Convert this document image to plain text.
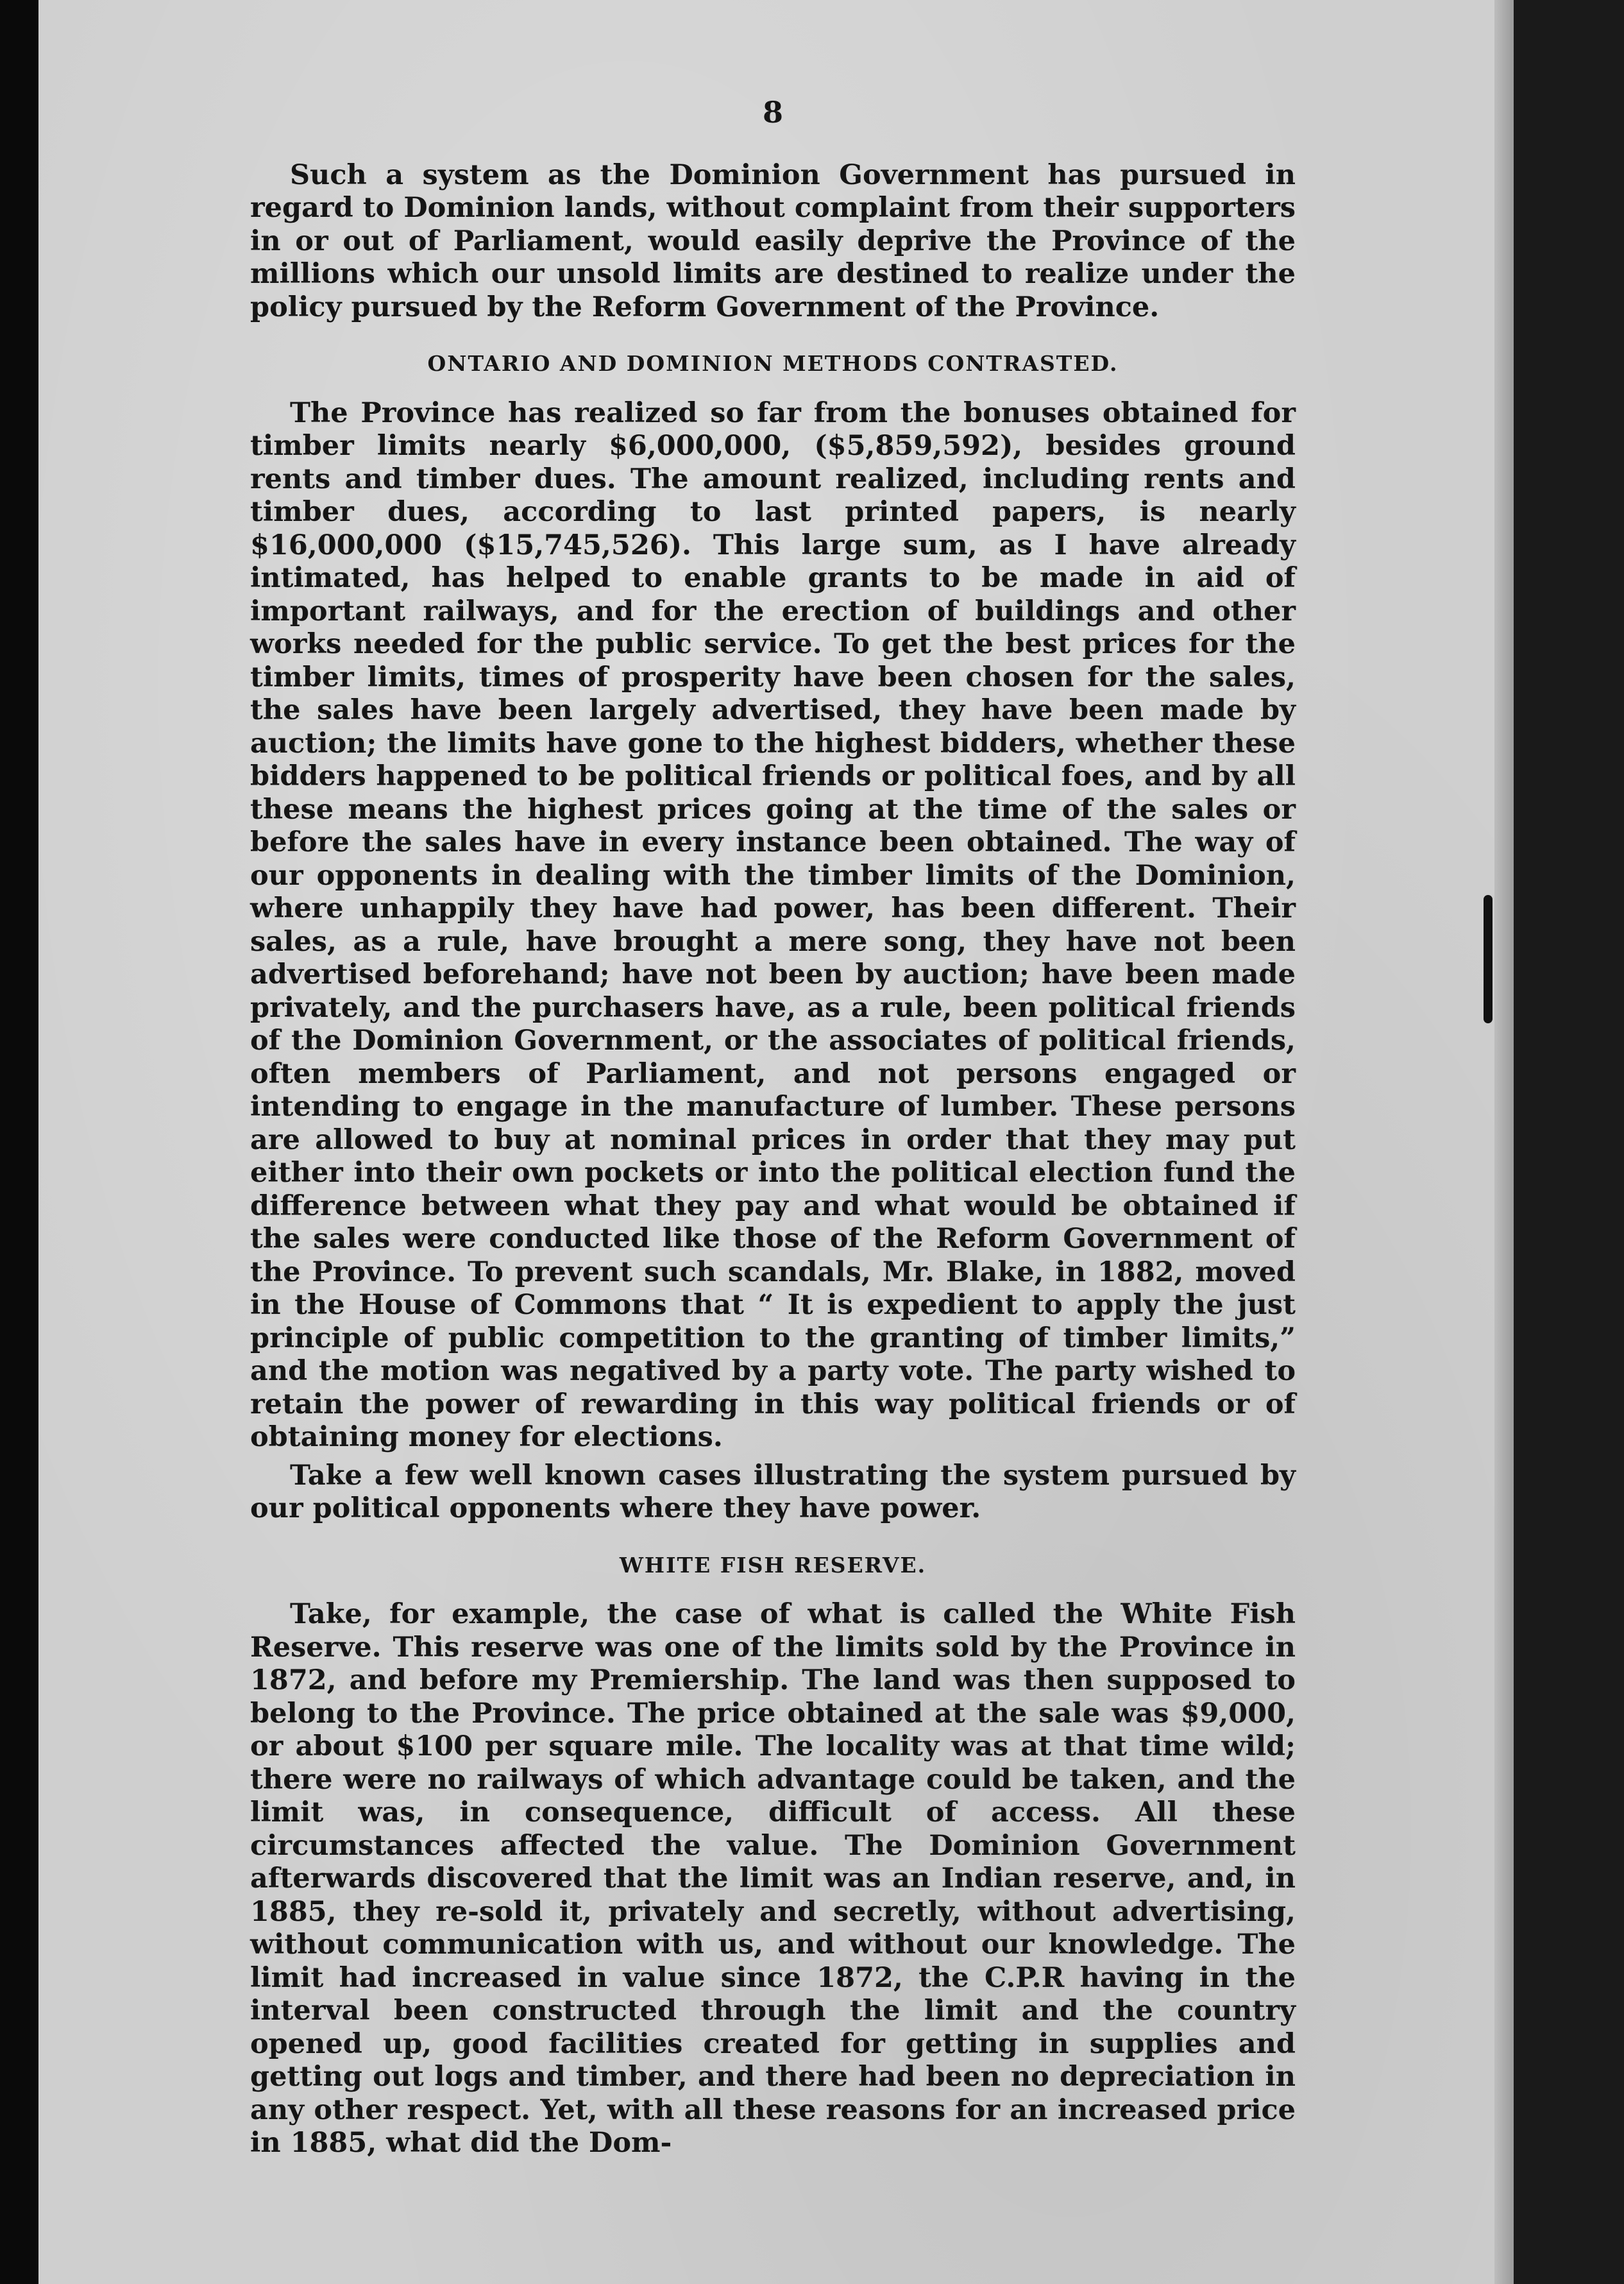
8

Such a system as the Dominion Government has pursued in regard to Dominion lands, without complaint from their supporters in or out of Parliament, would easily deprive the Province of the millions which our unsold limits are destined to realize under the policy pursued by the Reform Government of the Province.

ONTARIO AND DOMINION METHODS CONTRASTED.

The Province has realized so far from the bonuses obtained for timber limits nearly $6,000,000, ($5,859,592), besides ground rents and timber dues. The amount realized, including rents and timber dues, according to last printed papers, is nearly $16,000,000 ($15,745,526). This large sum, as I have already intimated, has helped to enable grants to be made in aid of important railways, and for the erection of buildings and other works needed for the public service. To get the best prices for the timber limits, times of prosperity have been chosen for the sales, the sales have been largely advertised, they have been made by auction; the limits have gone to the highest bidders, whether these bidders happened to be political friends or political foes, and by all these means the highest prices going at the time of the sales or before the sales have in every instance been obtained. The way of our opponents in dealing with the timber limits of the Dominion, where unhappily they have had power, has been different. Their sales, as a rule, have brought a mere song, they have not been advertised beforehand; have not been by auction; have been made privately, and the purchasers have, as a rule, been political friends of the Dominion Government, or the associates of political friends, often members of Parliament, and not persons engaged or intending to engage in the manufacture of lumber. These persons are allowed to buy at nominal prices in order that they may put either into their own pockets or into the political election fund the difference between what they pay and what would be obtained if the sales were conducted like those of the Reform Government of the Province. To prevent such scandals, Mr. Blake, in 1882, moved in the House of Commons that “ It is expedient to apply the just principle of public competition to the granting of timber limits,” and the motion was negatived by a party vote. The party wished to retain the power of rewarding in this way political friends or of obtaining money for elections.

Take a few well known cases illustrating the system pursued by our political opponents where they have power.

WHITE FISH RESERVE.

Take, for example, the case of what is called the White Fish Reserve. This reserve was one of the limits sold by the Province in 1872, and before my Premiership. The land was then supposed to belong to the Province. The price obtained at the sale was $9,000, or about $100 per square mile. The locality was at that time wild; there were no railways of which advantage could be taken, and the limit was, in consequence, difficult of access. All these circumstances affected the value. The Dominion Government afterwards discovered that the limit was an Indian reserve, and, in 1885, they re-sold it, privately and secretly, without advertising, without communication with us, and without our knowledge. The limit had increased in value since 1872, the C.P.R having in the interval been constructed through the limit and the country opened up, good facilities created for getting in supplies and getting out logs and timber, and there had been no depreciation in any other respect. Yet, with all these reasons for an increased price in 1885, what did the Dom-
